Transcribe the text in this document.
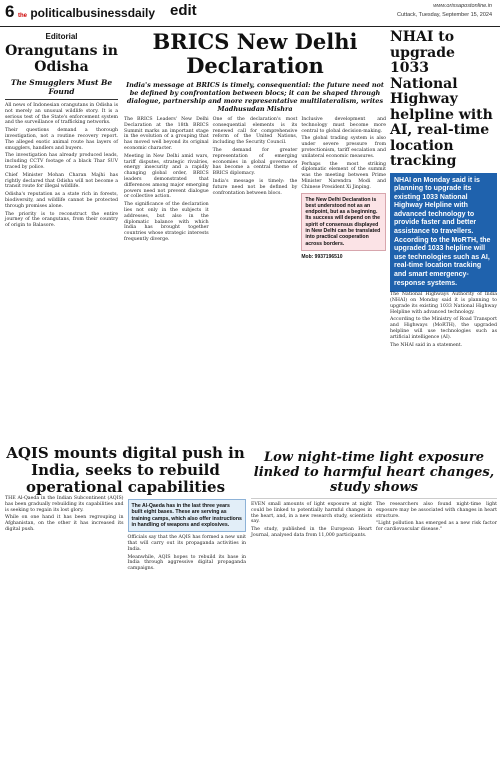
6 the politicalbusinessdaily edit	www.orissapostonline.in
Cuttack, Tuesday, September 15, 2024
Editorial
Orangutans in Odisha
The Smugglers Must Be Found

All news of Indonesian orangutans in Odisha is not merely an unusual wildlife story. It is a serious test of the State's enforcement system and the surveillance of trafficking networks.

Their questions demand a thorough investigation, not a routine recovery report. The alleged exotic animal route has layers of smugglers, handlers and buyers.

The investigation has already produced leads, including CCTV footage of a black Thar SUV traced by police.

Chief Minister Mohan Charan Majhi has rightly declared that Odisha will not become a transit route for illegal wildlife.

Odisha's reputation as a state rich in forests, biodiversity, and wildlife cannot be protected through promises alone.

The priority is to reconstruct the entire journey of the orangutans, from their country of origin to Balasore.

BRICS New Delhi Declaration
India's message at BRICS is timely, consequential: the future need not be defined by confrontation between blocs; it can be shaped through dialogue, partnership and more representative multilateralism, writes Madhusudan Mishra

The BRICS Leaders' New Delhi Declaration at the 18th BRICS Summit marks an important stage in the evolution of a grouping that has moved well beyond its original economic character.

Meeting in New Delhi amid wars, tariff disputes, strategic rivalries, energy insecurity and a rapidly changing global order, BRICS leaders demonstrated that differences among major emerging powers need not prevent dialogue or collective action.

The significance of the declaration lies not only in the subjects it addresses, but also in the diplomatic balance with which India has brought together countries whose strategic interests frequently diverge.

One of the declaration's most consequential elements is its renewed call for comprehensive reform of the United Nations, including the Security Council.

The demand for greater representation of emerging economies in global governance has become a central theme of BRICS diplomacy.

India's message is timely: the future need not be defined by confrontation between blocs.

Inclusive development and technology must become more central to global decision-making.

The global trading system is also under severe pressure from protectionism, tariff escalation and unilateral economic measures.

Perhaps the most striking diplomatic element of the summit was the meeting between Prime Minister Narendra Modi and Chinese President Xi Jinping.

The New Delhi Declaration is best understood not as an endpoint, but as a beginning. Its success will depend on the spirit of consensus displayed in New Delhi can be translated into practical cooperation across borders.
Mob: 9937196510
NHAI to upgrade 1033 National Highway helpline with AI, real-time location tracking
NHAI on Monday said it is planning to upgrade its existing 1033 National Highway Helpline with advanced technology to provide faster and better assistance to travellers. According to the MoRTH, the upgraded 1033 helpline will use technologies such as AI, real-time location tracking and smart emergency-response systems.

The National Highways Authority of India (NHAI) on Monday said it is planning to upgrade its existing 1033 National Highway Helpline with advanced technology.

According to the Ministry of Road Transport and Highways (MoRTH), the upgraded helpline will use technologies such as artificial intelligence (AI).

The NHAI said in a statement.

AQIS mounts digital push in India, seeks to rebuild operational capabilities

THE Al-Qaeda in the Indian Subcontinent (AQIS) has been gradually rebuilding its capabilities and is seeking to regain its lost glory.

While on one hand it has been regrouping in Afghanistan, on the other it has increased its digital push.

The Al-Qaeda has in the last three years built eight bases. These are serving as training camps, which also offer instructions in handling of weapons and explosives.

Officials say that the AQIS has formed a new unit that will carry out its propaganda activities in India.

Meanwhile, AQIS hopes to rebuild its base in India through aggressive digital propaganda campaigns.

Low night-time light exposure linked to harmful heart changes, study shows

EVEN small amounts of light exposure at night could be linked to potentially harmful changes in the heart, and, in a new research study, scientists say.

The study, published in the European Heart Journal, analysed data from 11,000 participants.

The researchers also found night-time light exposure may be associated with changes in heart structure.

"Light pollution has emerged as a new risk factor for cardiovascular disease."
